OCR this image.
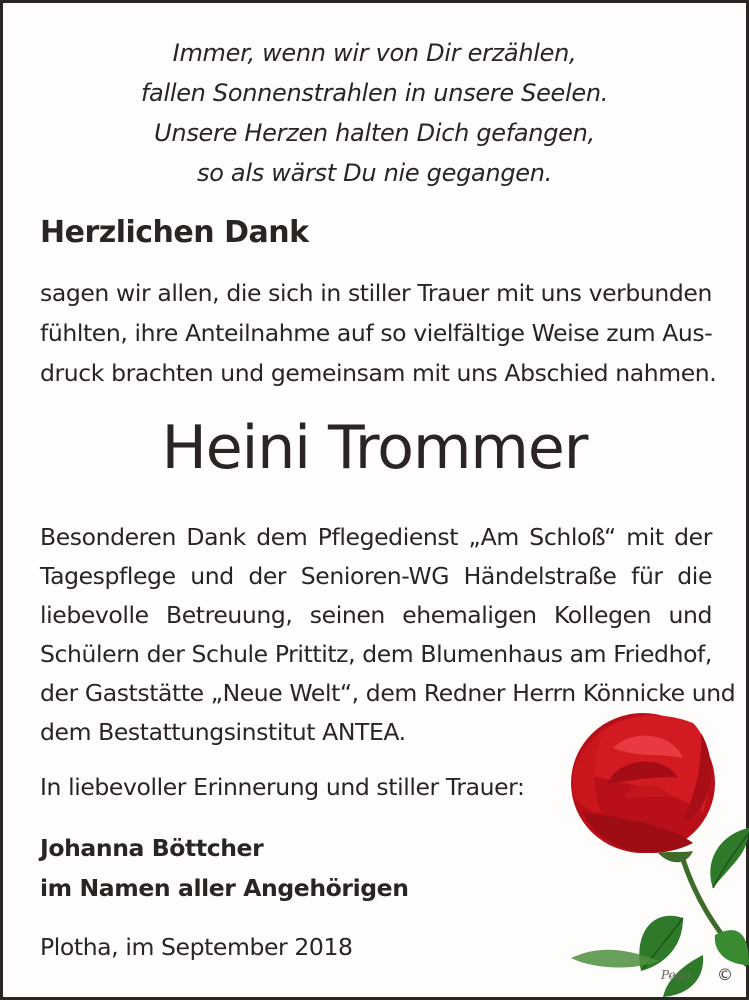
Immer, wenn wir von Dir erzählen,
fallen Sonnenstrahlen in unsere Seelen.
Unsere Herzen halten Dich gefangen,
so als wärst Du nie gegangen.
Herzlichen Dank
sagen wir allen, die sich in stiller Trauer mit uns verbunden
fühlten, ihre Anteilnahme auf so vielfältige Weise zum Aus-
druck brachten und gemeinsam mit uns Abschied nahmen.
Heini Trommer
Besonderen Dank dem Pflegedienst „Am Schloß“ mit der
Tagespflege und der Senioren-WG Händelstraße für die
liebevolle Betreuung, seinen ehemaligen Kollegen und
Schülern der Schule Prittitz, dem Blumenhaus am Friedhof,
der Gaststätte „Neue Welt“, dem Redner Herrn Könnicke und
dem Bestattungsinstitut ANTEA.
In liebevoller Erinnerung und stiller Trauer:
Johanna Böttcher
im Namen aller Angehörigen
Plotha, im September 2018
Pedo ©
